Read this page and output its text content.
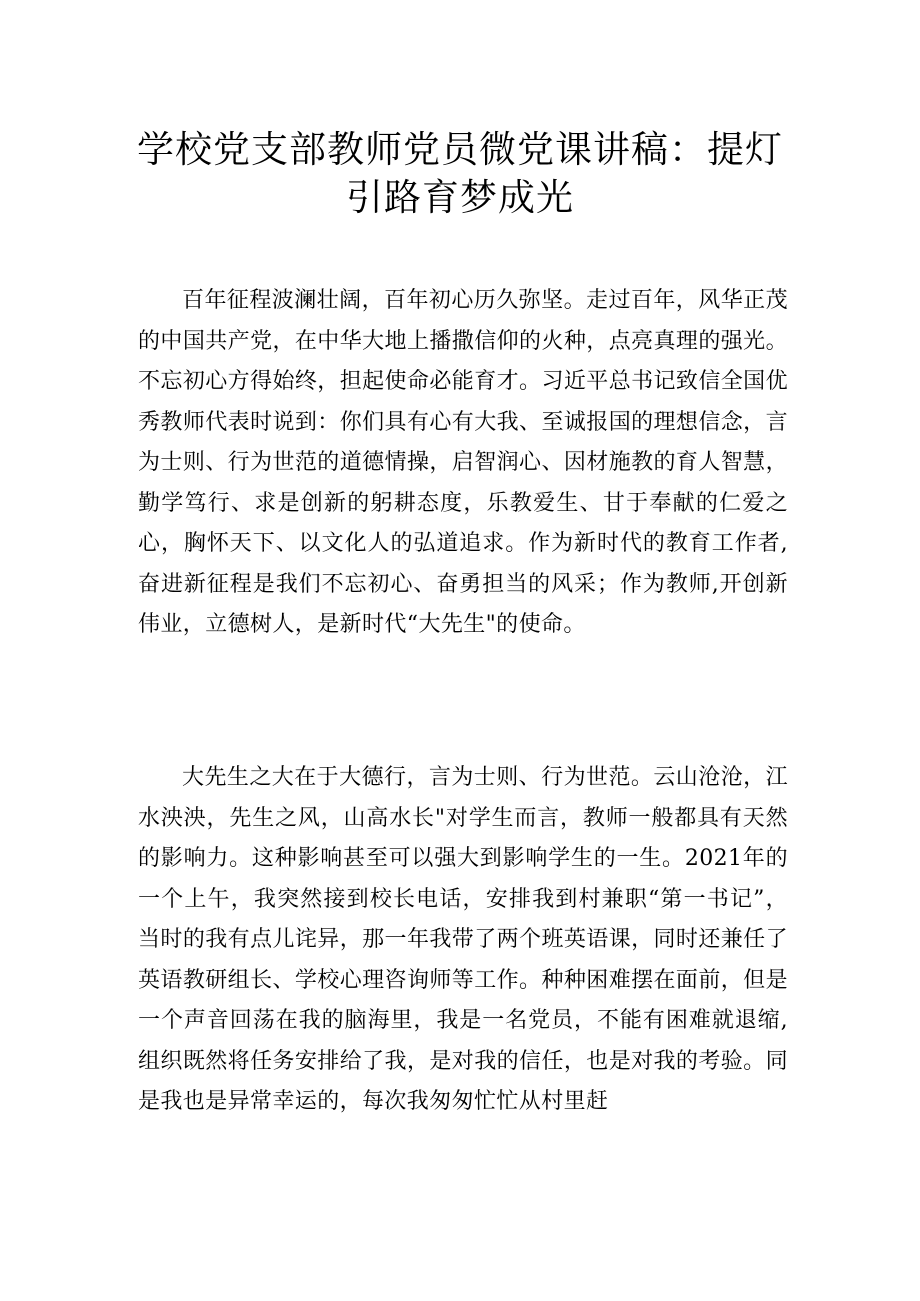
学校党支部教师党员微党课讲稿：提灯引路育梦成光

百年征程波澜壮阔，百年初心历久弥坚。走过百年，风华正茂的中国共产党，在中华大地上播撒信仰的火种，点亮真理的强光。不忘初心方得始终，担起使命必能育才。习近平总书记致信全国优秀教师代表时说到：你们具有心有大我、至诚报国的理想信念，言为士则、行为世范的道德情操，启智润心、因材施教的育人智慧，勤学笃行、求是创新的躬耕态度，乐教爱生、甘于奉献的仁爱之心，胸怀天下、以文化人的弘道追求。作为新时代的教育工作者,奋进新征程是我们不忘初心、奋勇担当的风采；作为教师,开创新伟业，立德树人，是新时代“大先生"的使命。

大先生之大在于大德行，言为士则、行为世范。云山沧沧，江水泱泱，先生之风，山高水长"对学生而言，教师一般都具有天然的影响力。这种影响甚至可以强大到影响学生的一生。2021年的一个上午，我突然接到校长电话，安排我到村兼职“第一书记”，当时的我有点儿诧异，那一年我带了两个班英语课，同时还兼任了英语教研组长、学校心理咨询师等工作。种种困难摆在面前，但是一个声音回荡在我的脑海里，我是一名党员，不能有困难就退缩,组织既然将任务安排给了我，是对我的信任，也是对我的考验。同是我也是异常幸运的，每次我匆匆忙忙从村里赶
